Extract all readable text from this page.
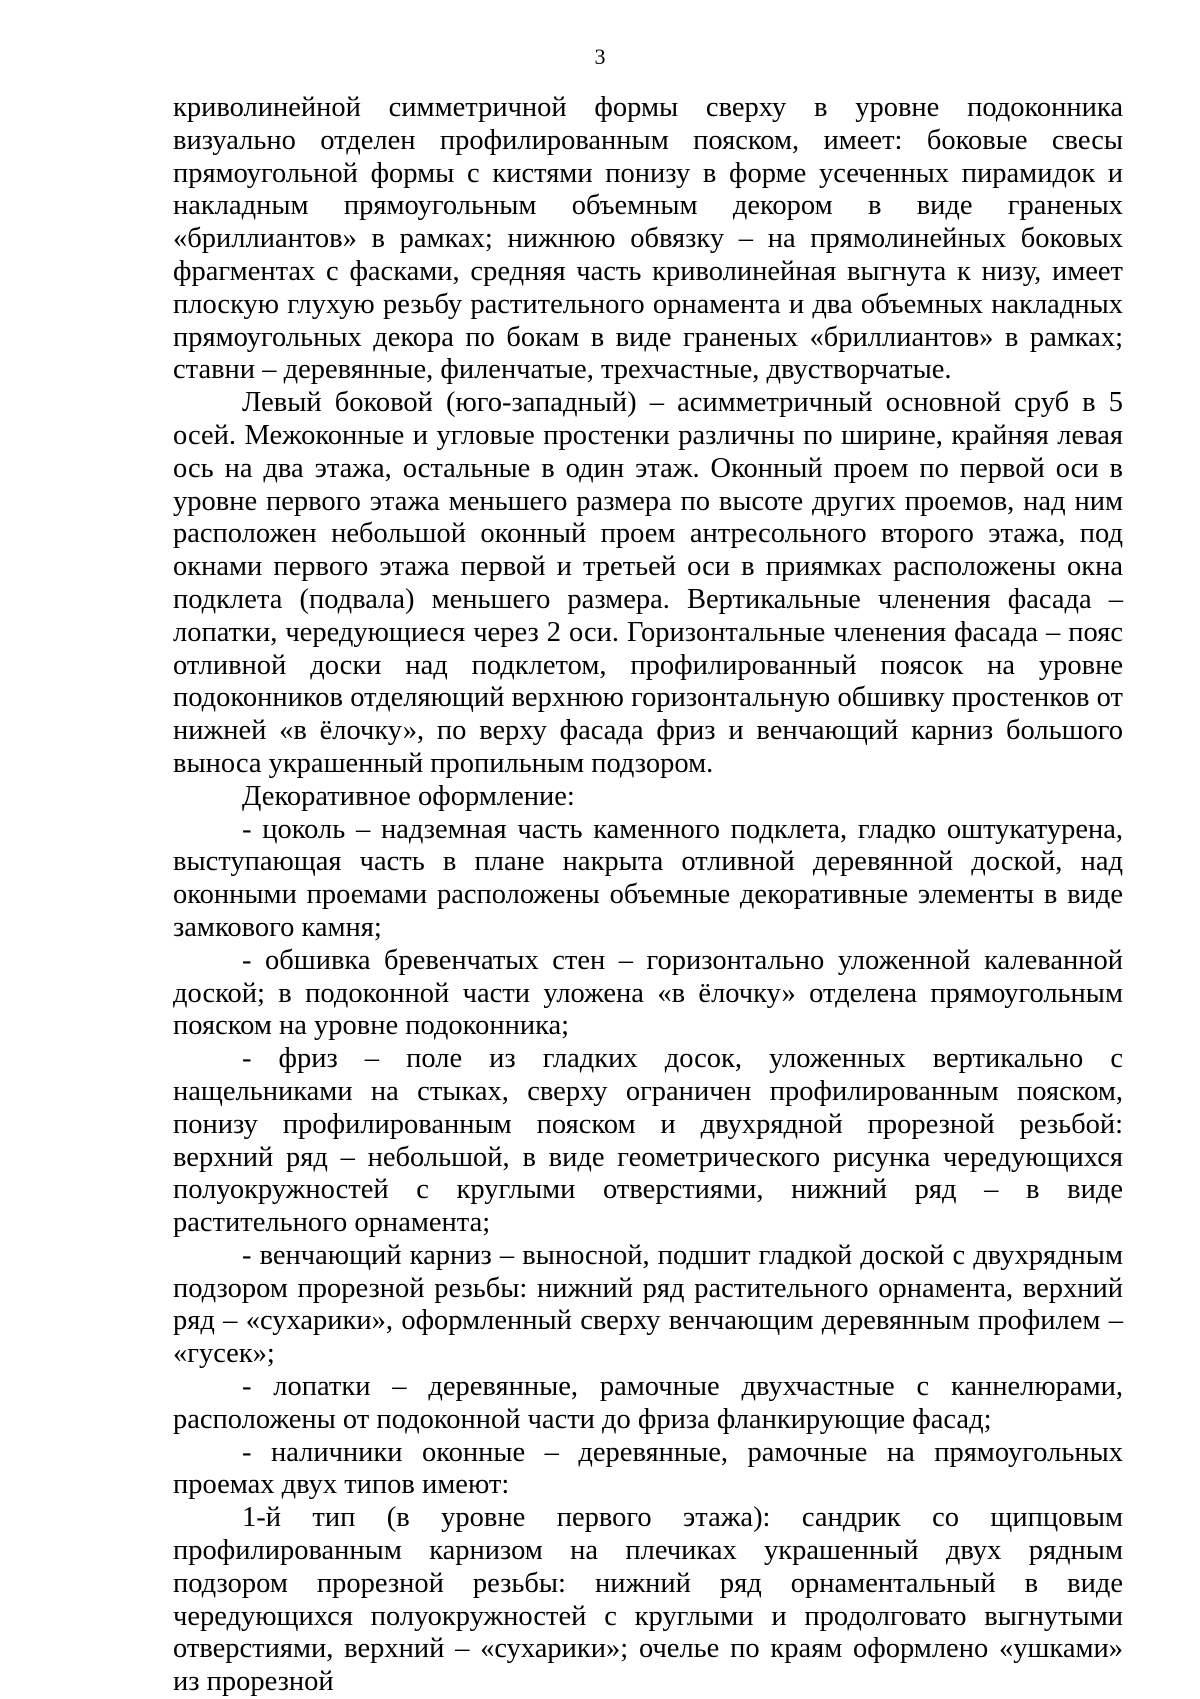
3

криволинейной симметричной формы сверху в уровне подоконника визуально отделен профилированным пояском, имеет: боковые свесы прямоугольной формы с кистями понизу в форме усеченных пирамидок и накладным прямоугольным объемным декором в виде граненых «бриллиантов» в рамках; нижнюю обвязку – на прямолинейных боковых фрагментах с фасками, средняя часть криволинейная выгнута к низу, имеет плоскую глухую резьбу растительного орнамента и два объемных накладных прямоугольных декора по бокам в виде граненых «бриллиантов» в рамках; ставни – деревянные, филенчатые, трехчастные, двустворчатые.

Левый боковой (юго-западный) – асимметричный основной сруб в 5 осей. Межоконные и угловые простенки различны по ширине, крайняя левая ось на два этажа, остальные в один этаж. Оконный проем по первой оси в уровне первого этажа меньшего размера по высоте других проемов, над ним расположен небольшой оконный проем антресольного второго этажа, под окнами первого этажа первой и третьей оси в приямках расположены окна подклета (подвала) меньшего размера. Вертикальные членения фасада – лопатки, чередующиеся через 2 оси. Горизонтальные членения фасада – пояс отливной доски над подклетом, профилированный поясок на уровне подоконников отделяющий верхнюю горизонтальную обшивку простенков от нижней «в ёлочку», по верху фасада фриз и венчающий карниз большого выноса украшенный пропильным подзором.

Декоративное оформление:

- цоколь – надземная часть каменного подклета, гладко оштукатурена, выступающая часть в плане накрыта отливной деревянной доской, над оконными проемами расположены объемные декоративные элементы в виде замкового камня;

- обшивка бревенчатых стен – горизонтально уложенной калеванной доской; в подоконной части уложена «в ёлочку» отделена прямоугольным пояском на уровне подоконника;

- фриз – поле из гладких досок, уложенных вертикально с нащельниками на стыках, сверху ограничен профилированным пояском, понизу профилированным пояском и двухрядной прорезной резьбой: верхний ряд – небольшой, в виде геометрического рисунка чередующихся полуокружностей с круглыми отверстиями, нижний ряд – в виде растительного орнамента;

- венчающий карниз – выносной, подшит гладкой доской с двухрядным подзором прорезной резьбы: нижний ряд растительного орнамента, верхний ряд – «сухарики», оформленный сверху венчающим деревянным профилем – «гусек»;

- лопатки – деревянные, рамочные двухчастные с каннелюрами, расположены от подоконной части до фриза фланкирующие фасад;

- наличники оконные – деревянные, рамочные на прямоугольных проемах двух типов имеют:

1-й тип (в уровне первого этажа): сандрик со щипцовым профилированным карнизом на плечиках украшенный двух рядным подзором прорезной резьбы: нижний ряд орнаментальный в виде чередующихся полуокружностей с круглыми и продолговато выгнутыми отверстиями, верхний – «сухарики»; очелье по краям оформлено «ушками» из прорезной
